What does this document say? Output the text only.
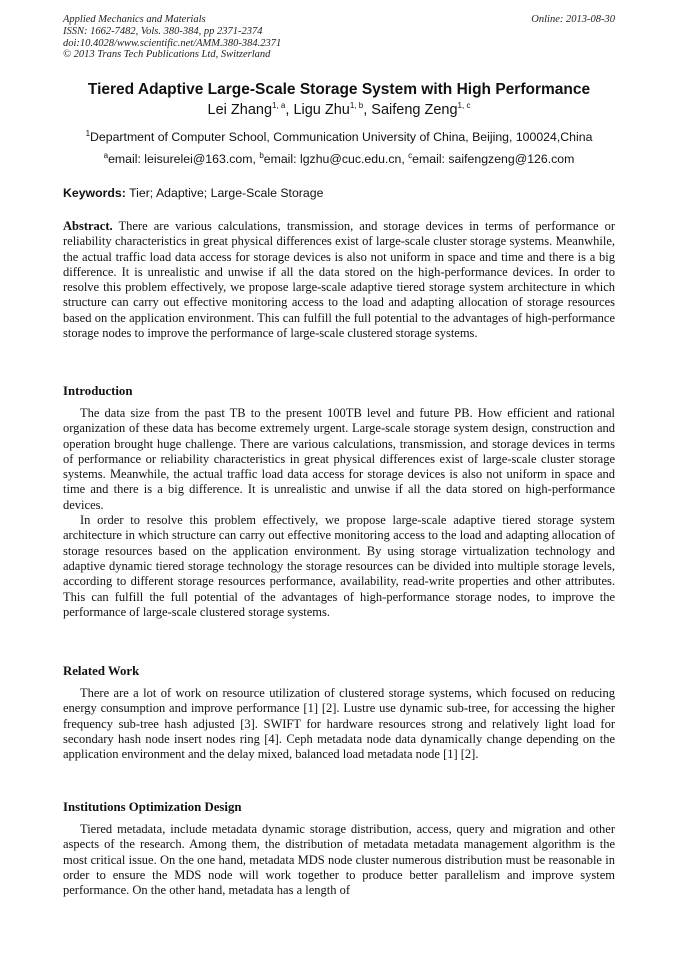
Applied Mechanics and Materials
ISSN: 1662-7482, Vols. 380-384, pp 2371-2374
doi:10.4028/www.scientific.net/AMM.380-384.2371
© 2013 Trans Tech Publications Ltd, Switzerland
Online: 2013-08-30
Tiered Adaptive Large-Scale Storage System with High Performance
Lei Zhang$^{1, a}$, Ligu Zhu$^{1, b}$, Saifeng Zeng$^{1, c}$
$^1$Department of Computer School, Communication University of China, Beijing, 100024,China
$^a$email: leisurelei@163.com, $^b$email: lgzhu@cuc.edu.cn, $^c$email: saifengzeng@126.com
Keywords: Tier; Adaptive; Large-Scale Storage

Abstract. There are various calculations, transmission, and storage devices in terms of performance or reliability characteristics in great physical differences exist of large-scale cluster storage systems. Meanwhile, the actual traffic load data access for storage devices is also not uniform in space and time and there is a big difference. It is unrealistic and unwise if all the data stored on the high-performance devices. In order to resolve this problem effectively, we propose large-scale adaptive tiered storage system architecture in which structure can carry out effective monitoring access to the load and adapting allocation of storage resources based on the application environment. This can fulfill the full potential to the advantages of high-performance storage nodes to improve the performance of large-scale clustered storage systems.

Introduction

The data size from the past TB to the present 100TB level and future PB. How efficient and rational organization of these data has become extremely urgent. Large-scale storage system design, construction and operation brought huge challenge. There are various calculations, transmission, and storage devices in terms of performance or reliability characteristics in great physical differences exist of large-scale cluster storage systems. Meanwhile, the actual traffic load data access for storage devices is also not uniform in space and time and there is a big difference. It is unrealistic and unwise if all the data stored on high-performance devices.

In order to resolve this problem effectively, we propose large-scale adaptive tiered storage system architecture in which structure can carry out effective monitoring access to the load and adapting allocation of storage resources based on the application environment. By using storage virtualization technology and adaptive dynamic tiered storage technology the storage resources can be divided into multiple storage levels, according to different storage resources performance, availability, read-write properties and other attributes. This can fulfill the full potential of the advantages of high-performance storage nodes, to improve the performance of large-scale clustered storage systems.

Related Work

There are a lot of work on resource utilization of clustered storage systems, which focused on reducing energy consumption and improve performance [1] [2]. Lustre use dynamic sub-tree, for accessing the higher frequency sub-tree hash adjusted [3]. SWIFT for hardware resources strong and relatively light load for secondary hash node insert nodes ring [4]. Ceph metadata node data dynamically change depending on the application environment and the delay mixed, balanced load metadata node [1] [2].

Institutions Optimization Design

Tiered metadata, include metadata dynamic storage distribution, access, query and migration and other aspects of the research. Among them, the distribution of metadata metadata management algorithm is the most critical issue. On the one hand, metadata MDS node cluster numerous distribution must be reasonable in order to ensure the MDS node will work together to produce better parallelism and improve system performance. On the other hand, metadata has a length of
